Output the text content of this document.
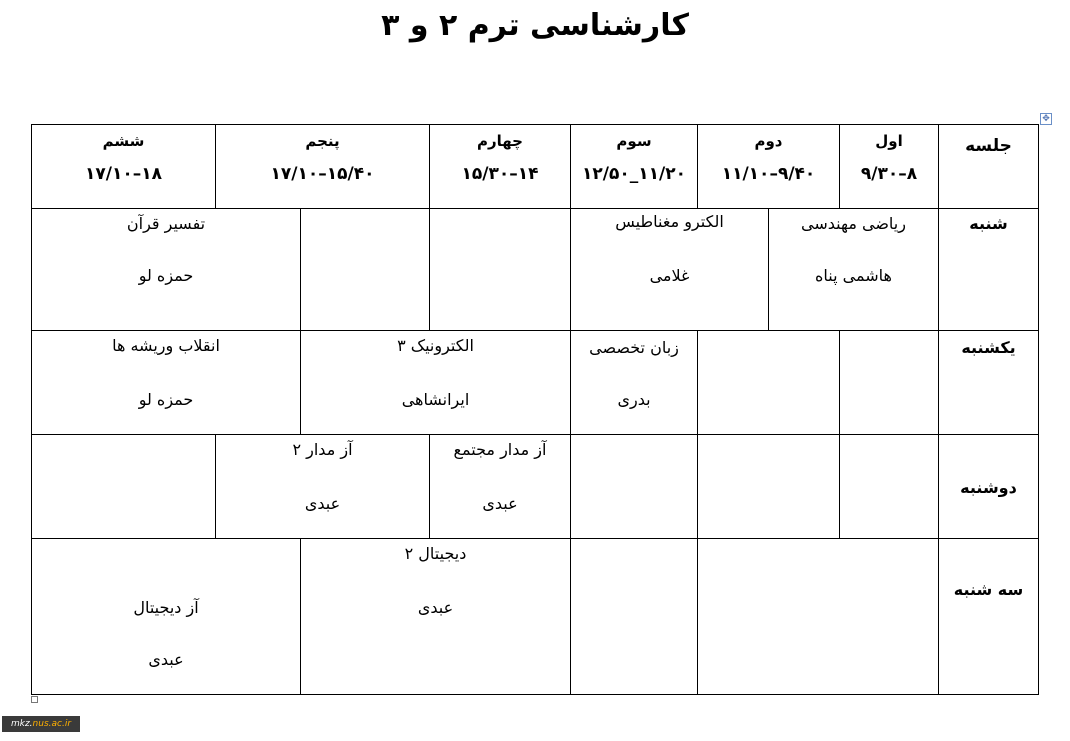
کارشناسی ترم ۲ و ۳
✥
جلسه
اول
۸–۹/۳۰
دوم
۹/۴۰–۱۱/۱۰
سوم
۱۱/۲۰_۱۲/۵۰
چهارم
۱۴–۱۵/۳۰
پنجم
۱۵/۴۰–۱۷/۱۰
ششم
۱۸–۱۷/۱۰
شنبه
یکشنبه
دوشنبه
سه شنبه
ریاضی مهندسی
هاشمی پناه
الکترو مغناطیس
غلامی
تفسیر قرآن
حمزه لو
زبان تخصصی
بدری
الکترونیک ۳
ایرانشاهی
انقلاب وریشه ها
حمزه لو
آز مدار مجتمع
عبدی
آز مدار ۲
عبدی
دیجیتال ۲
عبدی
آز دیجیتال
عبدی
mkz.nus.ac.ir
